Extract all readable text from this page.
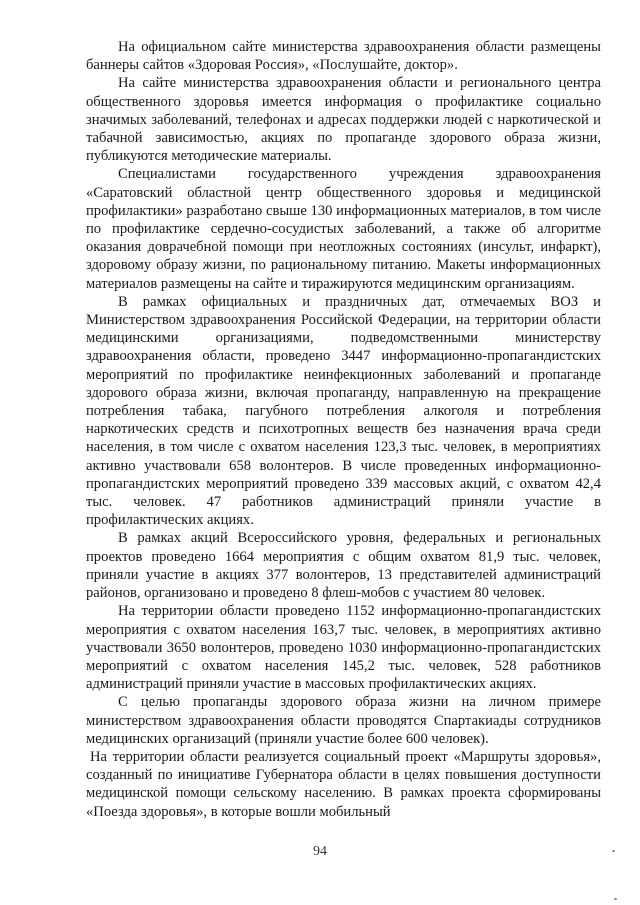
На официальном сайте министерства здравоохранения области размещены баннеры сайтов «Здоровая Россия», «Послушайте, доктор».

На сайте министерства здравоохранения области и регионального центра общественного здоровья имеется информация о профилактике социально значимых заболеваний, телефонах и адресах поддержки людей с наркотической и табачной зависимостью, акциях по пропаганде здорового образа жизни, публикуются методические материалы.

Специалистами государственного учреждения здравоохранения «Саратовский областной центр общественного здоровья и медицинской профилактики» разработано свыше 130 информационных материалов, в том числе по профилактике сердечно-сосудистых заболеваний, а также об алгоритме оказания доврачебной помощи при неотложных состояниях (инсульт, инфаркт), здоровому образу жизни, по рациональному питанию. Макеты информационных материалов размещены на сайте и тиражируются медицинским организациям.

В рамках официальных и праздничных дат, отмечаемых ВОЗ и Министерством здравоохранения Российской Федерации, на территории области медицинскими организациями, подведомственными министерству здравоохранения области, проведено 3447 информационно-пропагандистских мероприятий по профилактике неинфекционных заболеваний и пропаганде здорового образа жизни, включая пропаганду, направленную на прекращение потребления табака, пагубного потребления алкоголя и потребления наркотических средств и психотропных веществ без назначения врача среди населения, в том числе с охватом населения 123,3 тыс. человек, в мероприятиях активно участвовали 658 волонтеров. В числе проведенных информационно-пропагандистских мероприятий проведено 339 массовых акций, с охватом 42,4 тыс. человек. 47 работников администраций приняли участие в профилактических акциях.

В рамках акций Всероссийского уровня, федеральных и региональных проектов проведено 1664 мероприятия с общим охватом 81,9 тыс. человек, приняли участие в акциях 377 волонтеров, 13 представителей администраций районов, организовано и проведено 8 флеш-мобов с участием 80 человек.

На территории области проведено 1152 информационно-пропагандистских мероприятия с охватом населения 163,7 тыс. человек, в мероприятиях активно участвовали 3650 волонтеров, проведено 1030 информационно-пропагандистских мероприятий с охватом населения 145,2 тыс. человек, 528 работников администраций приняли участие в массовых профилактических акциях.

С целью пропаганды здорового образа жизни на личном примере министерством здравоохранения области проводятся Спартакиады сотрудников медицинских организаций (приняли участие более 600 человек).

На территории области реализуется социальный проект «Маршруты здоровья», созданный по инициативе Губернатора области в целях повышения доступности медицинской помощи сельскому населению. В рамках проекта сформированы «Поезда здоровья», в которые вошли мобильный

94
